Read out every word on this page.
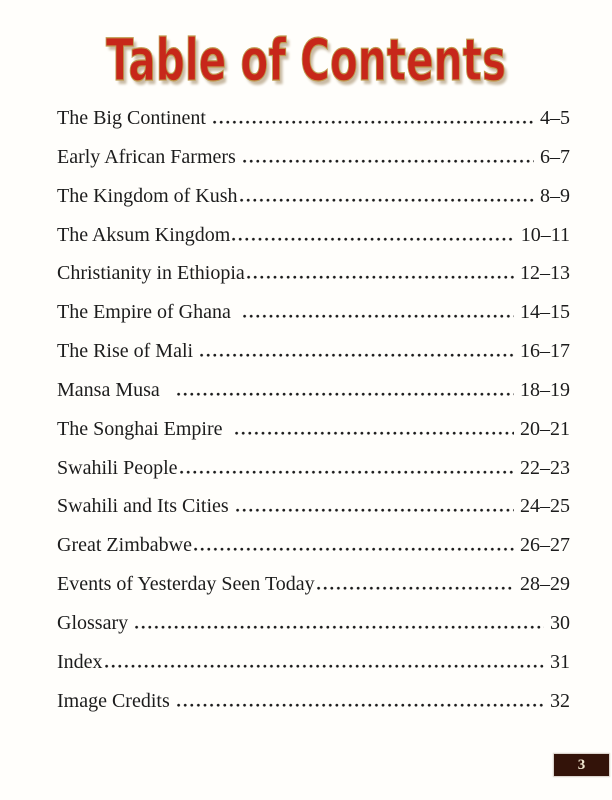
Table of Contents
The Big Continent	4–5
Early African Farmers	6–7
The Kingdom of Kush	8–9
The Aksum Kingdom	10–11
Christianity in Ethiopia	12–13
The Empire of Ghana	14–15
The Rise of Mali	16–17
Mansa Musa	18–19
The Songhai Empire	20–21
Swahili People	22–23
Swahili and Its Cities	24–25
Great Zimbabwe	26–27
Events of Yesterday Seen Today	28–29
Glossary	30
Index	31
Image Credits	32
3
